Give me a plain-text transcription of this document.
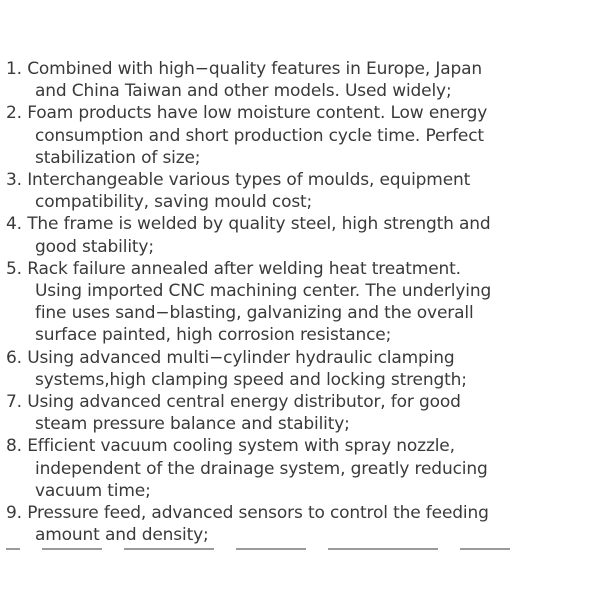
1. Combined with high−quality features in Europe, Japan
and China Taiwan and other models. Used widely;
2. Foam products have low moisture content. Low energy
consumption and short production cycle time. Perfect
stabilization of size;
3. Interchangeable various types of moulds, equipment
compatibility, saving mould cost;
4. The frame is welded by quality steel, high strength and
good stability;
5. Rack failure annealed after welding heat treatment.
Using imported CNC machining center. The underlying
fine uses sand−blasting, galvanizing and the overall
surface painted, high corrosion resistance;
6. Using advanced multi−cylinder hydraulic clamping
systems,high clamping speed and locking strength;
7. Using advanced central energy distributor, for good
steam pressure balance and stability;
8. Efficient vacuum cooling system with spray nozzle,
independent of the drainage system, greatly reducing
vacuum time;
9. Pressure feed, advanced sensors to control the feeding
amount and density;
